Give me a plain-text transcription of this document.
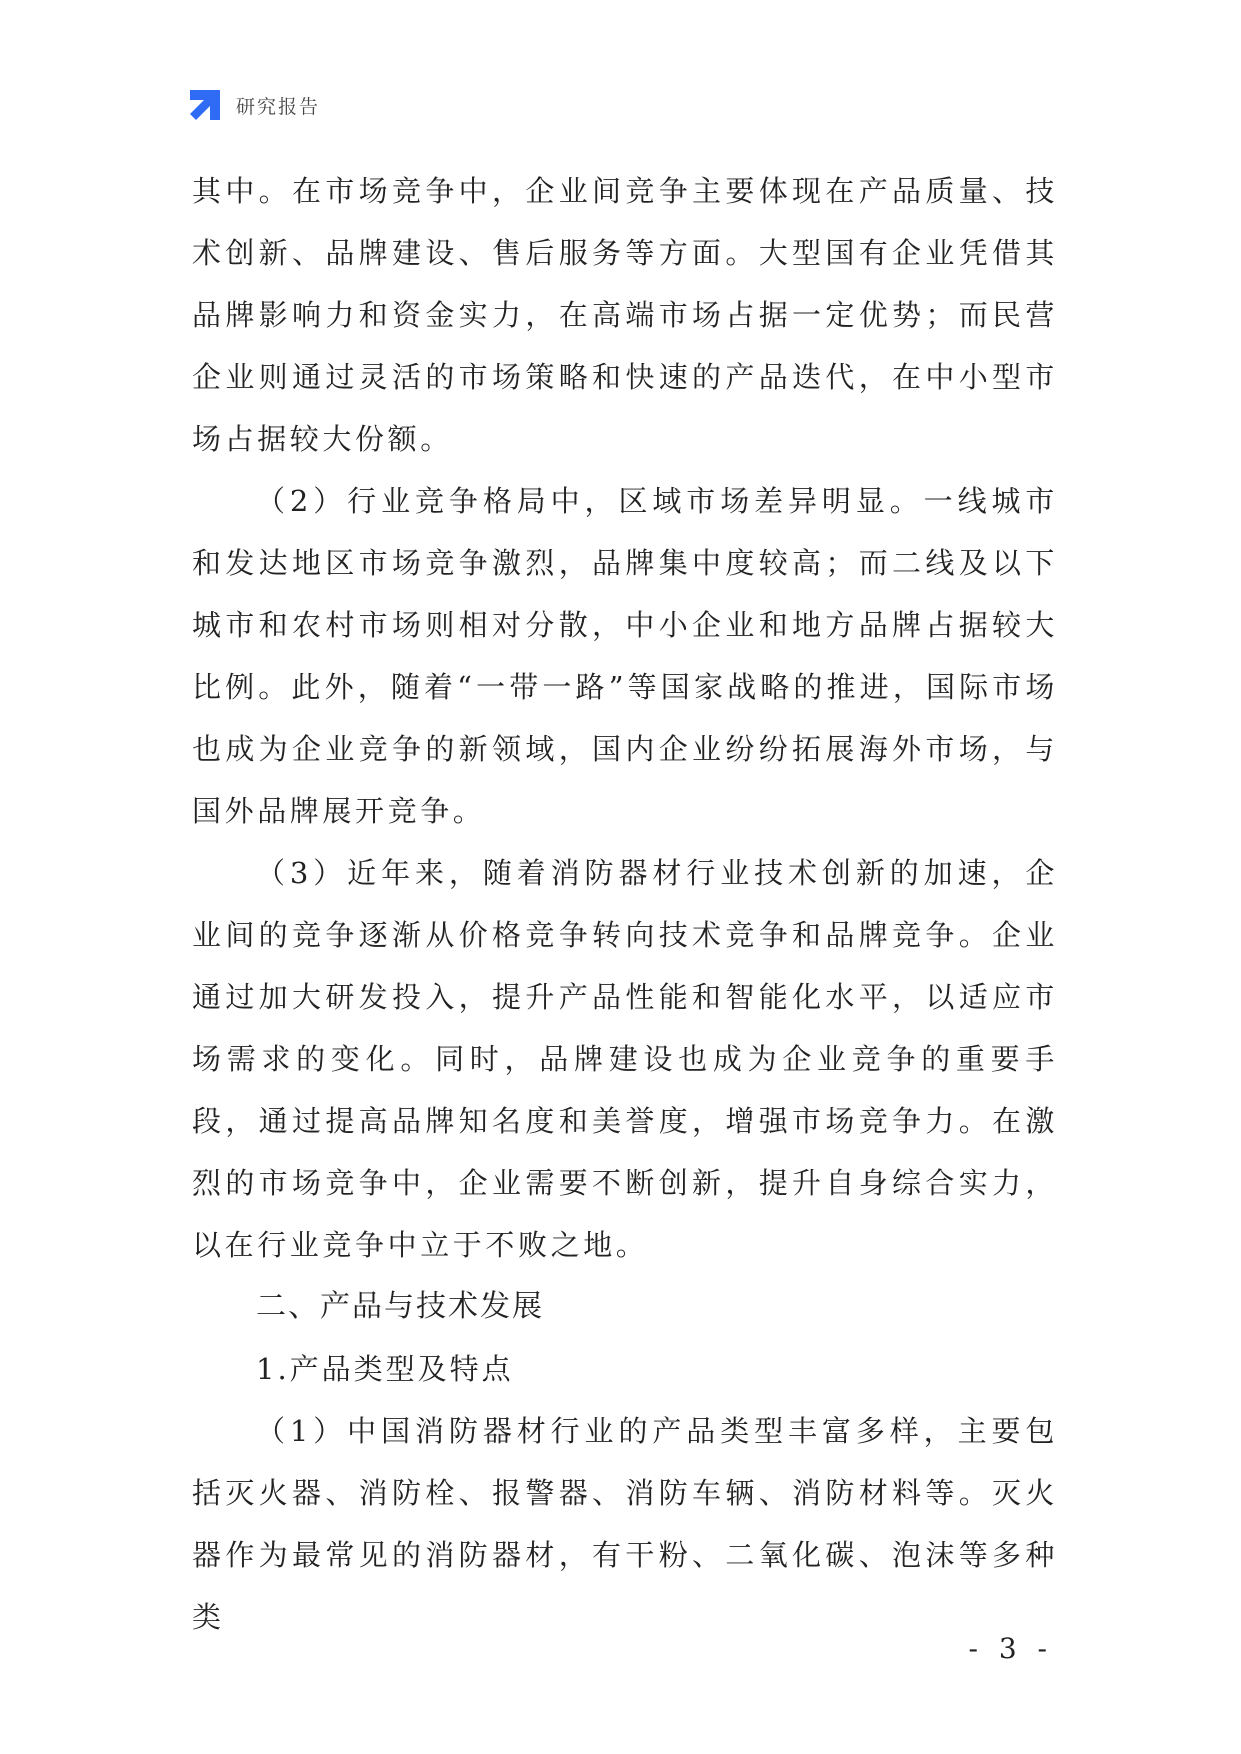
研究报告

其中。在市场竞争中，企业间竞争主要体现在产品质量、技术创新、品牌建设、售后服务等方面。大型国有企业凭借其品牌影响力和资金实力，在高端市场占据一定优势；而民营企业则通过灵活的市场策略和快速的产品迭代，在中小型市场占据较大份额。

（2）行业竞争格局中，区域市场差异明显。一线城市和发达地区市场竞争激烈，品牌集中度较高；而二线及以下城市和农村市场则相对分散，中小企业和地方品牌占据较大比例。此外，随着“一带一路”等国家战略的推进，国际市场也成为企业竞争的新领域，国内企业纷纷拓展海外市场，与国外品牌展开竞争。

（3）近年来，随着消防器材行业技术创新的加速，企业间的竞争逐渐从价格竞争转向技术竞争和品牌竞争。企业通过加大研发投入，提升产品性能和智能化水平，以适应市场需求的变化。同时，品牌建设也成为企业竞争的重要手段，通过提高品牌知名度和美誉度，增强市场竞争力。在激烈的市场竞争中，企业需要不断创新，提升自身综合实力，以在行业竞争中立于不败之地。

二、产品与技术发展
1.产品类型及特点

（1）中国消防器材行业的产品类型丰富多样，主要包括灭火器、消防栓、报警器、消防车辆、消防材料等。灭火器作为最常见的消防器材，有干粉、二氧化碳、泡沫等多种类

- 3 -
